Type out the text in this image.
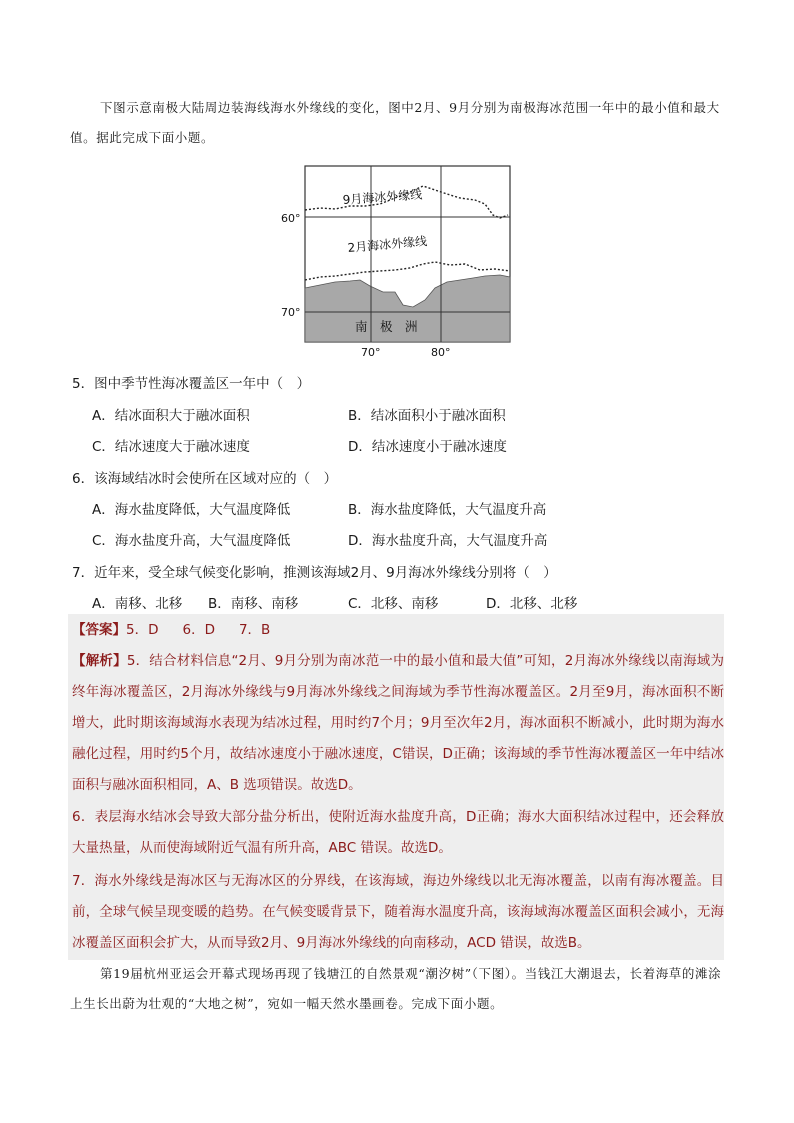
下图示意南极大陆周边装海线海水外缘线的变化，图中2月、9月分别为南极海冰范围一年中的最小值和最大值。据此完成下面小题。
9月海冰外缘线
2月海冰外缘线
60°
70°
70°	80°
南　极　洲
5．图中季节性海冰覆盖区一年中（　）
A．结冰面积大于融冰面积	B．结冰面积小于融冰面积
C．结冰速度大于融冰速度	D．结冰速度小于融冰速度
6．该海域结冰时会使所在区域对应的（　）
A．海水盐度降低，大气温度降低	B．海水盐度降低，大气温度升高
C．海水盐度升高，大气温度降低	D．海水盐度升高，大气温度升高
7．近年来，受全球气候变化影响，推测该海域2月、9月海冰外缘线分别将（　）
A．南移、北移 B．南移、南移	C．北移、南移	D．北移、北移
【答案】5．D 6．D 7．B
【解析】5．结合材料信息“2月、9月分别为南冰范一中的最小值和最大值”可知，2月海冰外缘线以南海域为终年海冰覆盖区，2月海冰外缘线与9月海冰外缘线之间海域为季节性海冰覆盖区。2月至9月，海冰面积不断增大，此时期该海域海水表现为结冰过程，用时约7个月；9月至次年2月，海冰面积不断减小，此时期为海水融化过程，用时约5个月，故结冰速度小于融冰速度，C错误，D正确；该海域的季节性海冰覆盖区一年中结冰面积与融冰面积相同，A、B 选项错误。故选D。
6．表层海水结冰会导致大部分盐分析出，使附近海水盐度升高，D正确；海水大面积结冰过程中，还会释放大量热量，从而使海域附近气温有所升高，ABC 错误。故选D。
7．海水外缘线是海冰区与无海冰区的分界线，在该海域，海边外缘线以北无海冰覆盖，以南有海冰覆盖。目前，全球气候呈现变暖的趋势。在气候变暖背景下，随着海水温度升高，该海域海冰覆盖区面积会减小，无海冰覆盖区面积会扩大，从而导致2月、9月海冰外缘线的向南移动，ACD 错误，故选B。
第19届杭州亚运会开幕式现场再现了钱塘江的自然景观“潮汐树”（下图）。当钱江大潮退去，长着海草的滩涂上生长出蔚为壮观的“大地之树”，宛如一幅天然水墨画卷。完成下面小题。
